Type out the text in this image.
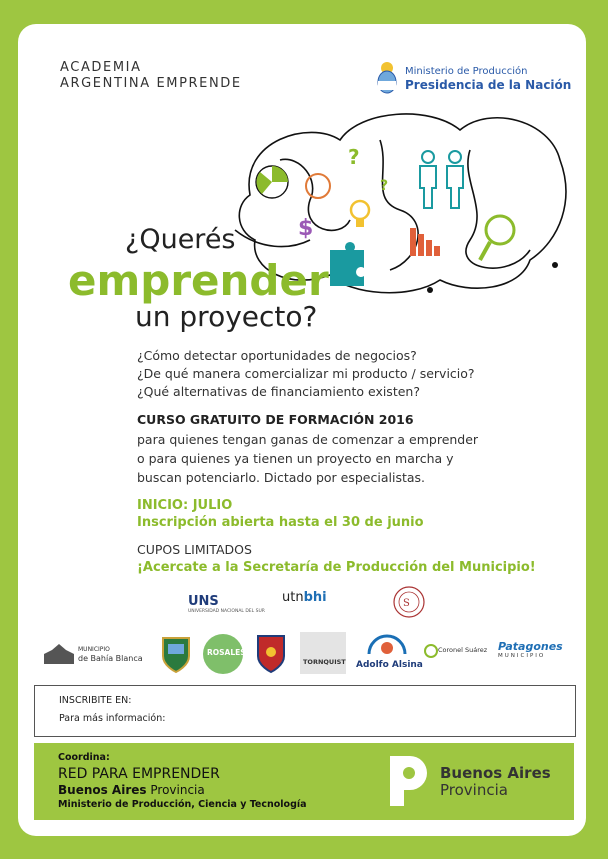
ACADEMIA
ARGENTINA EMPRENDE
Ministerio de Producción
Presidencia de la Nación
$
?
?
¿Querés
emprender
un proyecto?
¿Cómo detectar oportunidades de negocios?
¿De qué manera comercializar mi producto / servicio?
¿Qué alternativas de financiamiento existen?
CURSO GRATUITO DE FORMACIÓN 2016
para quienes tengan ganas de comenzar a emprender
o para quienes ya tienen un proyecto en marcha y
buscan potenciarlo. Dictado por especialistas.
INICIO: JULIO
Inscripción abierta hasta el 30 de junio
CUPOS LIMITADOS
¡Acercate a la Secretaría de Producción del Municipio!
UNS
UNIVERSIDAD NACIONAL DEL SUR
utnbhi	S
MUNICIPIO
de Bahía Blanca
ROSALES
TORNQUIST Adolfo Alsina
Coronel Suárez Patagones
MUNICIPIO
INSCRIBITE EN:
Para más información:
Coordina:
RED PARA EMPRENDER
Buenos Aires Provincia
Ministerio de Producción, Ciencia y Tecnología
Buenos Aires
Provincia
